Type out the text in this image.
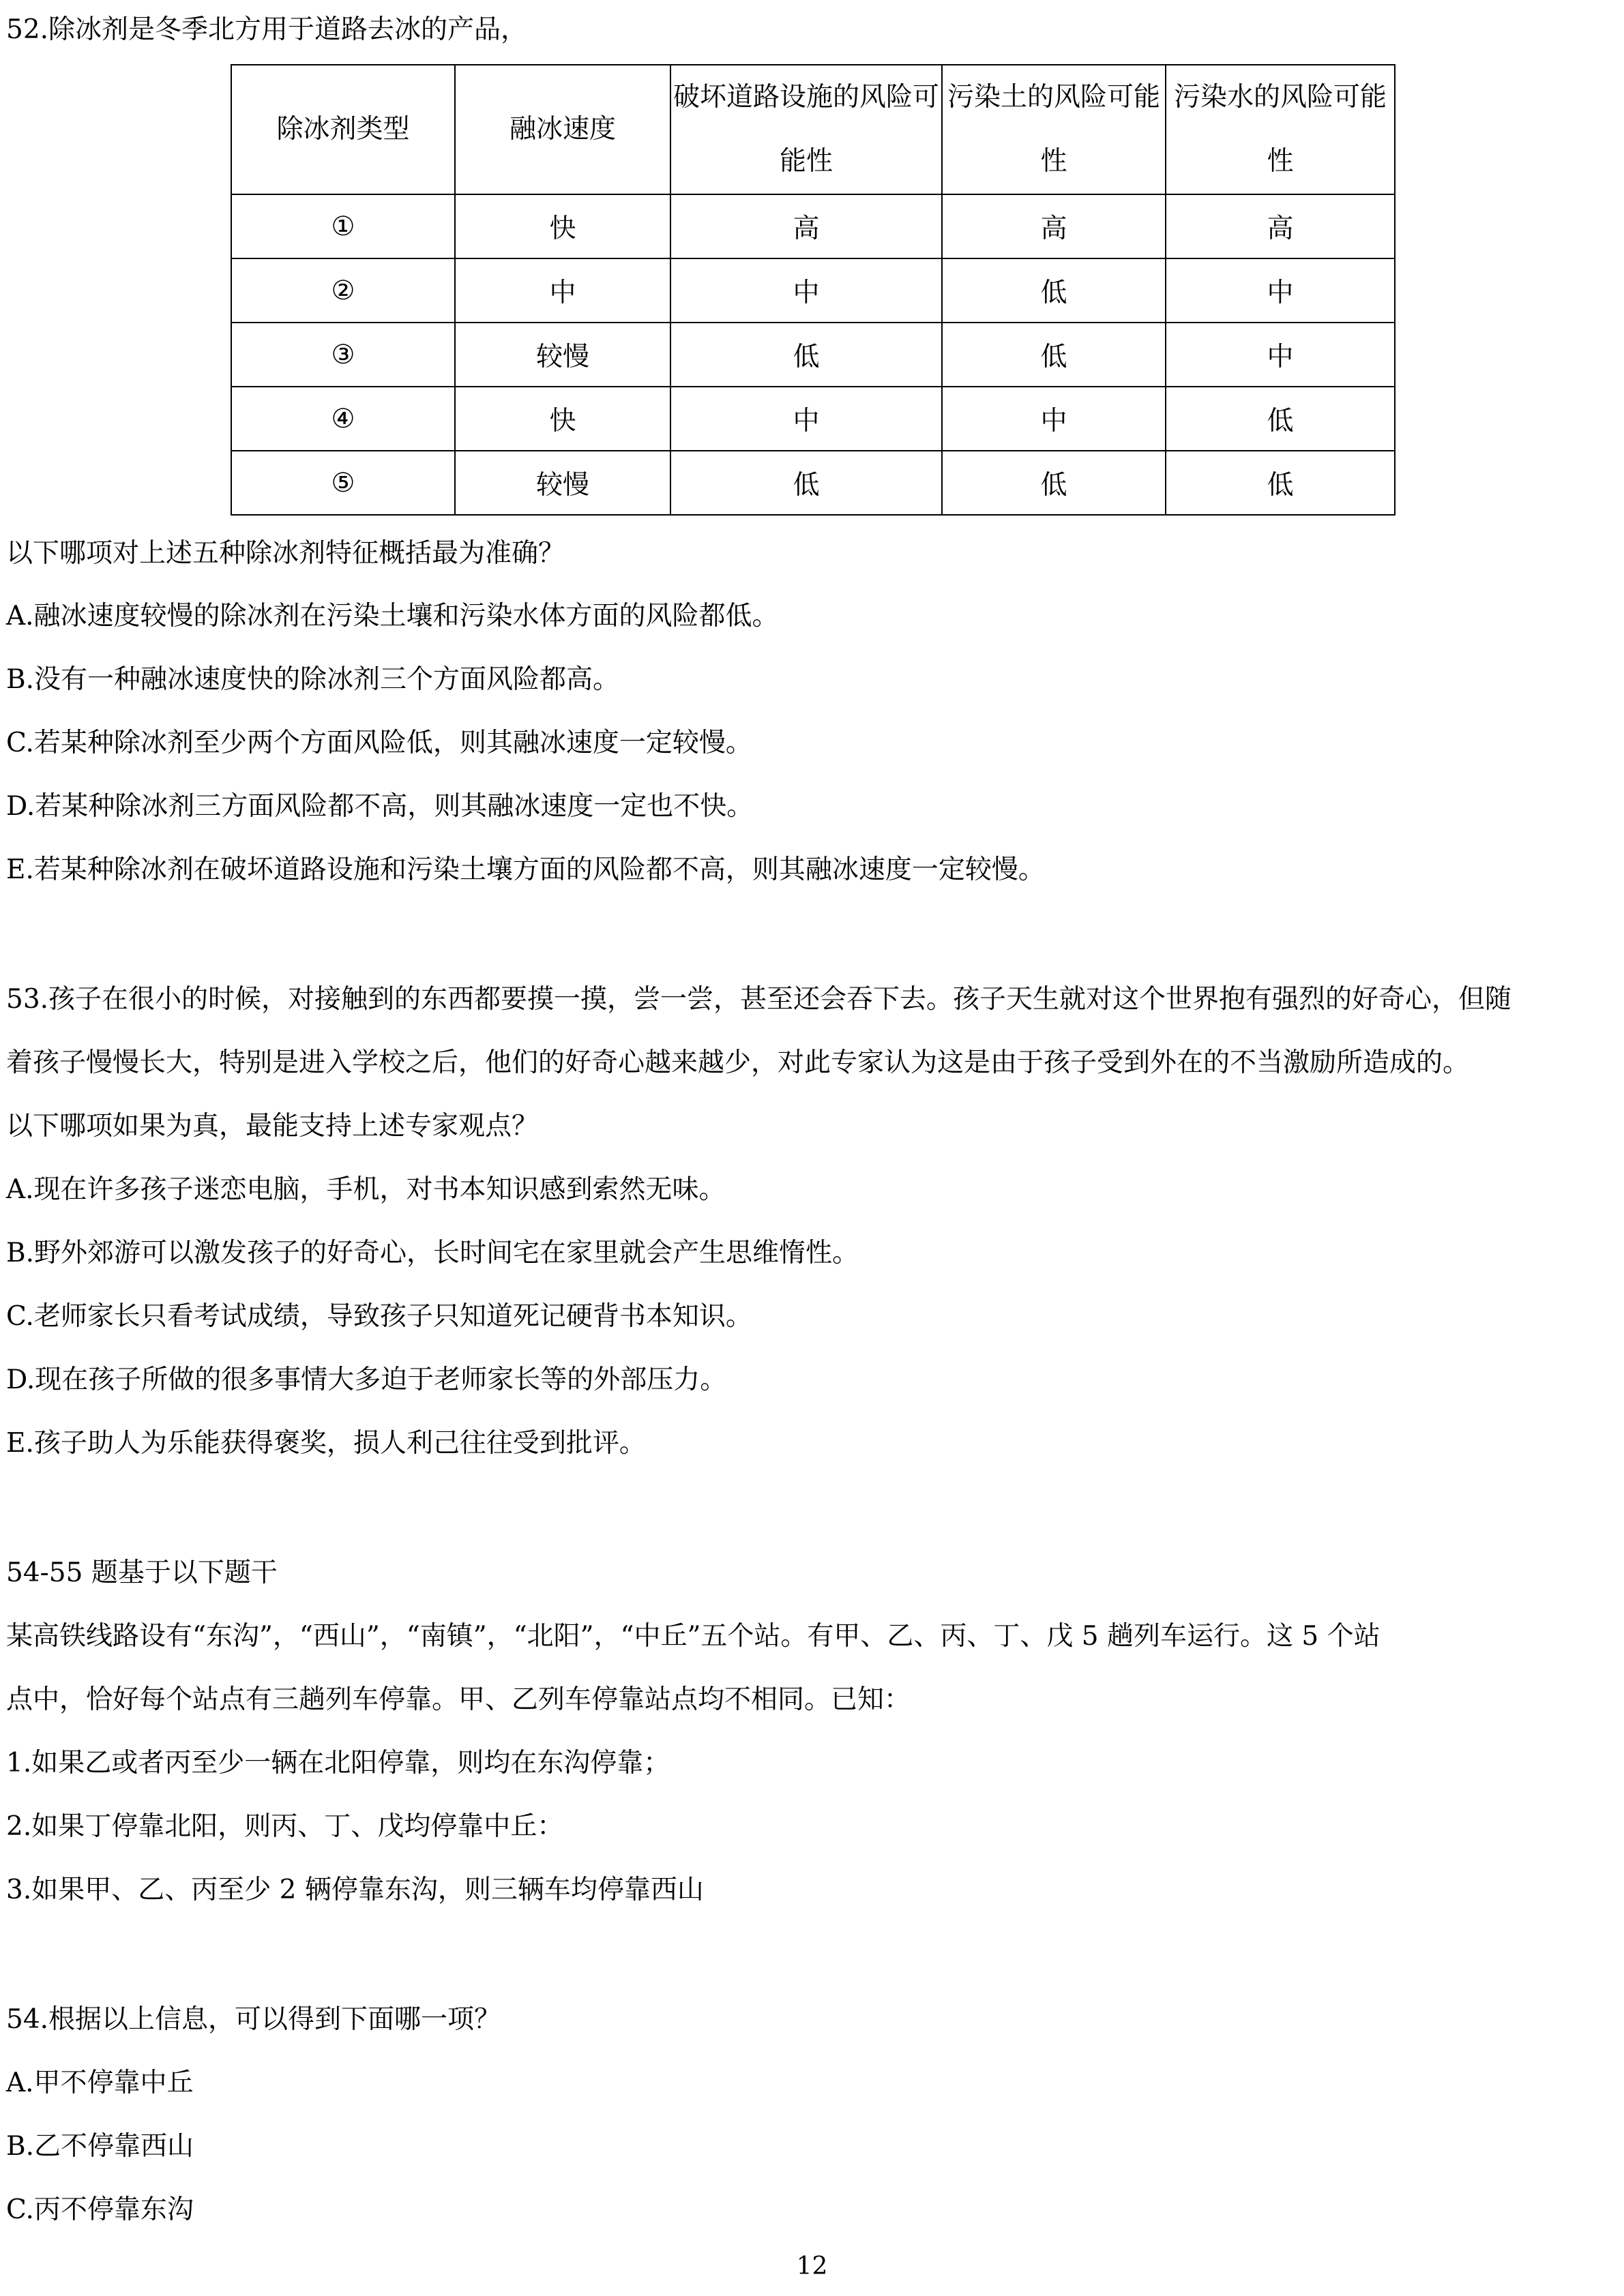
52.除冰剂是冬季北方用于道路去冰的产品，
除冰剂类型	融冰速度	破坏道路设施的风险可能性	污染土的风险可能性	污染水的风险可能性
①	快	高	高	高
②	中	中	低	中
③	较慢	低	低	中
④	快	中	中	低
⑤	较慢	低	低	低
以下哪项对上述五种除冰剂特征概括最为准确？
A.融冰速度较慢的除冰剂在污染土壤和污染水体方面的风险都低。
B.没有一种融冰速度快的除冰剂三个方面风险都高。
C.若某种除冰剂至少两个方面风险低，则其融冰速度一定较慢。
D.若某种除冰剂三方面风险都不高，则其融冰速度一定也不快。
E.若某种除冰剂在破坏道路设施和污染土壤方面的风险都不高，则其融冰速度一定较慢。
53.孩子在很小的时候，对接触到的东西都要摸一摸，尝一尝，甚至还会吞下去。孩子天生就对这个世界抱有强烈的好奇心，但随
着孩子慢慢长大，特别是进入学校之后，他们的好奇心越来越少，对此专家认为这是由于孩子受到外在的不当激励所造成的。
以下哪项如果为真，最能支持上述专家观点？
A.现在许多孩子迷恋电脑，手机，对书本知识感到索然无味。
B.野外郊游可以激发孩子的好奇心，长时间宅在家里就会产生思维惰性。
C.老师家长只看考试成绩，导致孩子只知道死记硬背书本知识。
D.现在孩子所做的很多事情大多迫于老师家长等的外部压力。
E.孩子助人为乐能获得褒奖，损人利己往往受到批评。
54-55 题基于以下题干
某高铁线路设有“东沟”，“西山”，“南镇”，“北阳”，“中丘”五个站。有甲、乙、丙、丁、戊 5 趟列车运行。这 5 个站
点中，恰好每个站点有三趟列车停靠。甲、乙列车停靠站点均不相同。已知：
1.如果乙或者丙至少一辆在北阳停靠，则均在东沟停靠；
2.如果丁停靠北阳，则丙、丁、戊均停靠中丘：
3.如果甲、乙、丙至少 2 辆停靠东沟，则三辆车均停靠西山
54.根据以上信息，可以得到下面哪一项？
A.甲不停靠中丘
B.乙不停靠西山
C.丙不停靠东沟
12
